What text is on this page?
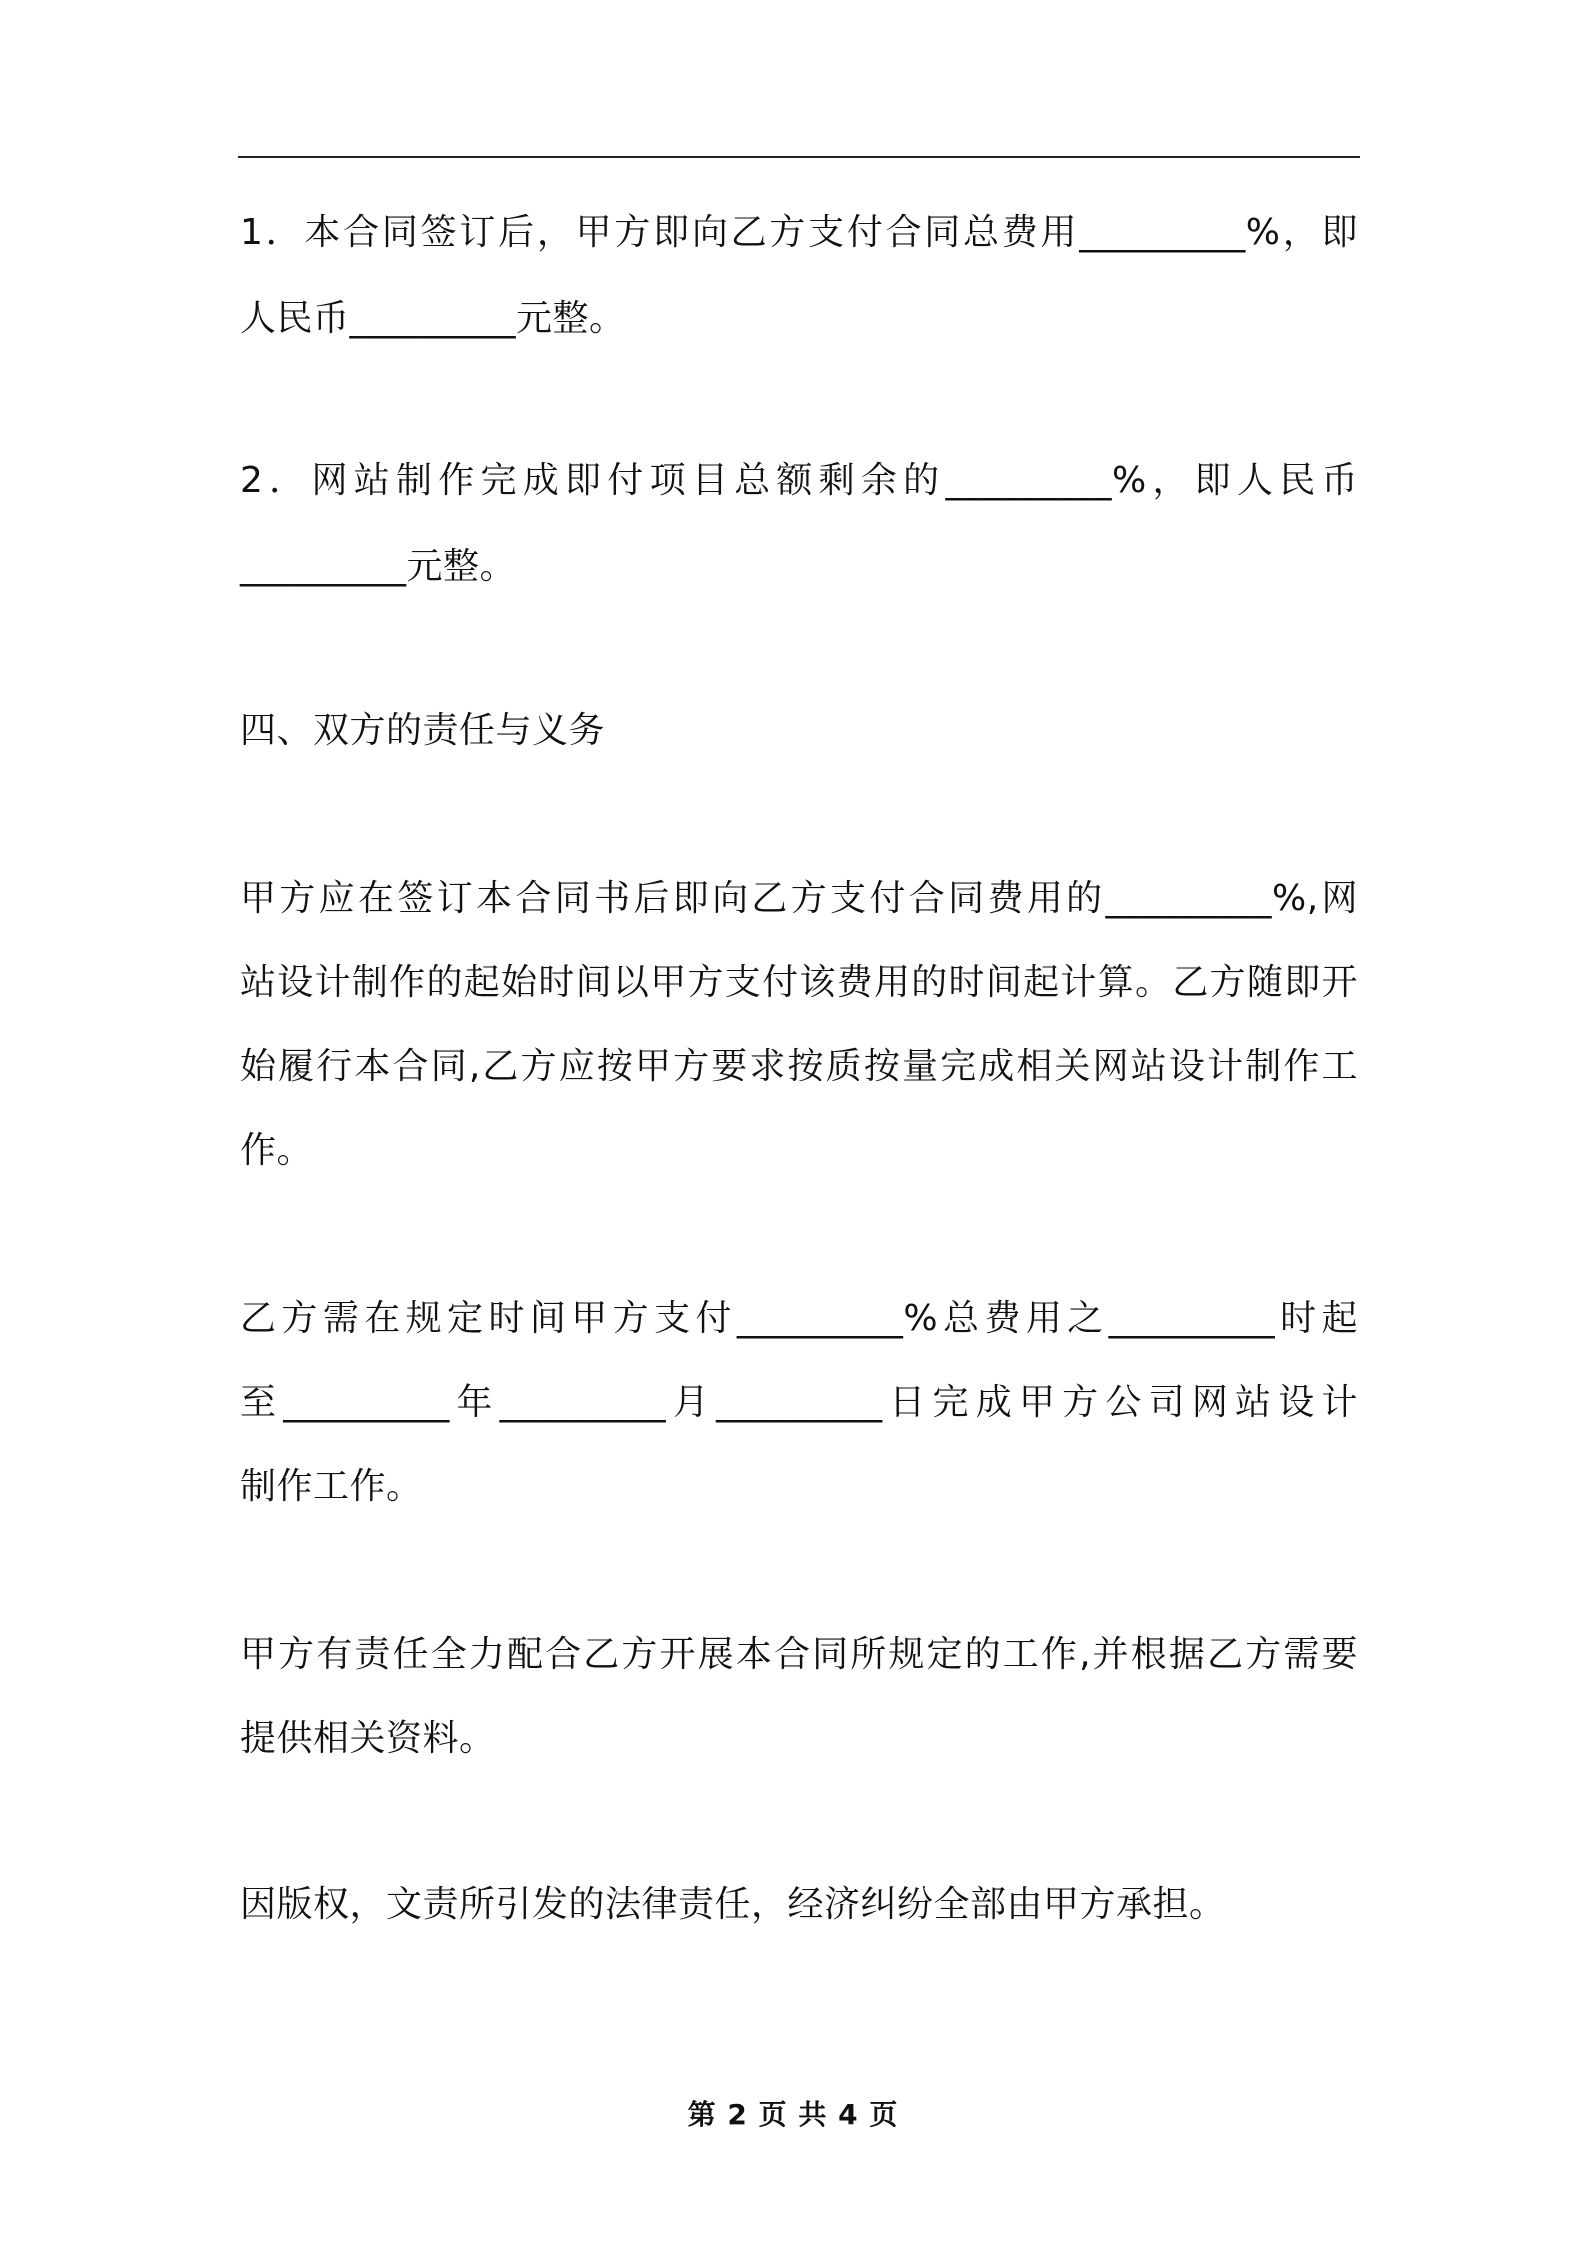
1．本合同签订后，甲方即向乙方支付合同总费用_________%，即
人民币_________元整。
2．网站制作完成即付项目总额剩余的_________%，即人民币
_________元整。
四、双方的责任与义务
甲方应在签订本合同书后即向乙方支付合同费用的_________%,网
站设计制作的起始时间以甲方支付该费用的时间起计算。乙方随即开
始履行本合同,乙方应按甲方要求按质按量完成相关网站设计制作工
作。
乙方需在规定时间甲方支付_________%总费用之_________时起
至_________年_________月_________日完成甲方公司网站设计
制作工作。
甲方有责任全力配合乙方开展本合同所规定的工作,并根据乙方需要
提供相关资料。
因版权，文责所引发的法律责任，经济纠纷全部由甲方承担。
第 2 页 共 4 页
